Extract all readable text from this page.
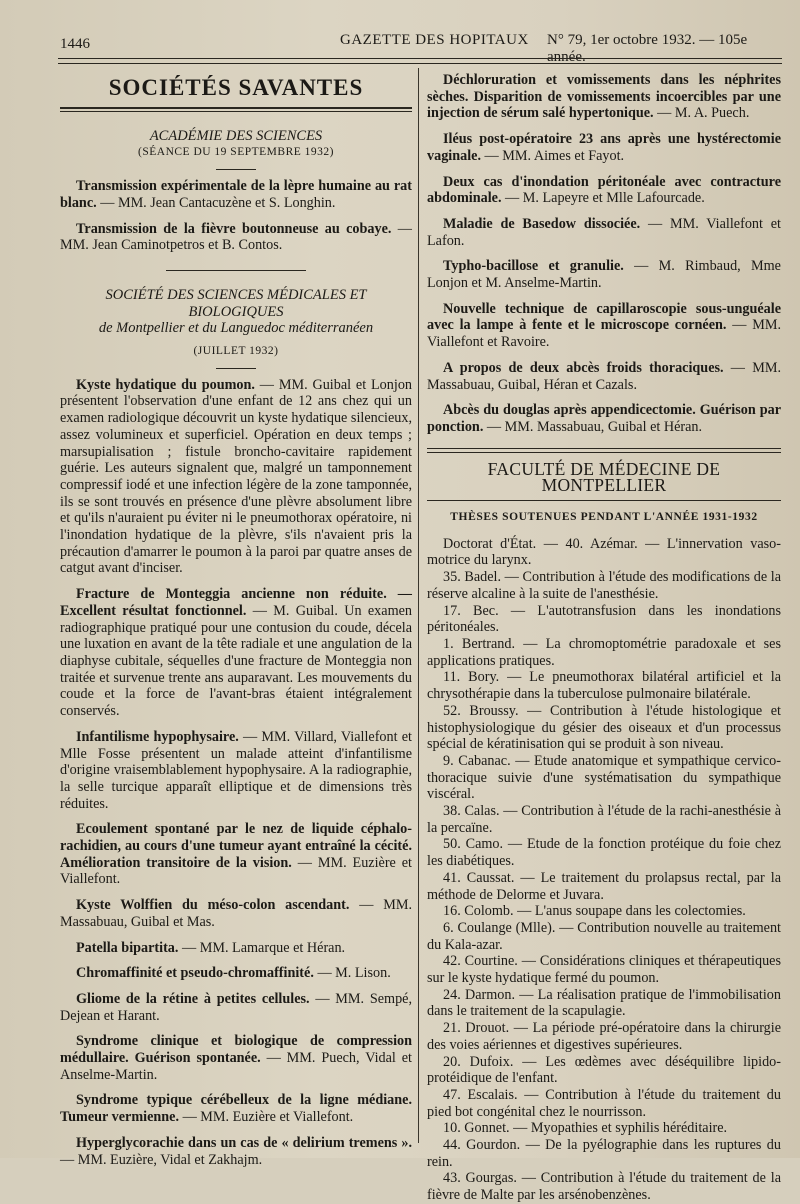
1446	GAZETTE DES HOPITAUX N° 79, 1er octobre 1932. — 105e année.
SOCIÉTÉS SAVANTES
ACADÉMIE DES SCIENCES
(SÉANCE DU 19 SEPTEMBRE 1932)

Transmission expérimentale de la lèpre humaine au rat blanc. — MM. Jean Cantacuzène et S. Longhin.

Transmission de la fièvre boutonneuse au cobaye. — MM. Jean Caminotpetros et B. Contos.

SOCIÉTÉ DES SCIENCES MÉDICALES ET BIOLOGIQUES
de Montpellier et du Languedoc méditerranéen
(JUILLET 1932)

Kyste hydatique du poumon. — MM. Guibal et Lonjon présentent l'observation d'une enfant de 12 ans chez qui un examen radiologique découvrit un kyste hydatique silencieux, assez volumineux et superficiel. Opération en deux temps ; marsupialisation ; fistule broncho-cavitaire rapidement guérie. Les auteurs signalent que, malgré un tamponnement compressif iodé et une infection légère de la zone tamponnée, ils se sont trouvés en présence d'une plèvre absolument libre et qu'ils n'auraient pu éviter ni le pneumothorax opératoire, ni l'inondation hydatique de la plèvre, s'ils n'avaient pris la précaution d'amarrer le poumon à la paroi par quatre anses de catgut avant d'inciser.

Fracture de Monteggia ancienne non réduite. — Excellent résultat fonctionnel. — M. Guibal. Un examen radiographique pratiqué pour une contusion du coude, décela une luxation en avant de la tête radiale et une angulation de la diaphyse cubitale, séquelles d'une fracture de Monteggia non traitée et survenue trente ans auparavant. Les mouvements du coude et la force de l'avant-bras étaient intégralement conservés.

Infantilisme hypophysaire. — MM. Villard, Viallefont et Mlle Fosse présentent un malade atteint d'infantilisme d'origine vraisemblablement hypophysaire. A la radiographie, la selle turcique apparaît elliptique et de dimensions très réduites.

Ecoulement spontané par le nez de liquide céphalo-rachidien, au cours d'une tumeur ayant entraîné la cécité. Amélioration transitoire de la vision. — MM. Euzière et Viallefont.

Kyste Wolffien du méso-colon ascendant. — MM. Massabuau, Guibal et Mas.

Patella bipartita. — MM. Lamarque et Héran.

Chromaffinité et pseudo-chromaffinité. — M. Lison.

Gliome de la rétine à petites cellules. — MM. Sempé, Dejean et Harant.

Syndrome clinique et biologique de compression médullaire. Guérison spontanée. — MM. Puech, Vidal et Anselme-Martin.

Syndrome typique cérébelleux de la ligne médiane. Tumeur vermienne. — MM. Euzière et Viallefont.

Hyperglycorachie dans un cas de « delirium tremens ». — MM. Euzière, Vidal et Zakhajm.

Déchloruration et vomissements dans les néphrites sèches. Disparition de vomissements incoercibles par une injection de sérum salé hypertonique. — M. A. Puech.

Iléus post-opératoire 23 ans après une hystérectomie vaginale. — MM. Aimes et Fayot.

Deux cas d'inondation péritonéale avec contracture abdominale. — M. Lapeyre et Mlle Lafourcade.

Maladie de Basedow dissociée. — MM. Viallefont et Lafon.

Typho-bacillose et granulie. — M. Rimbaud, Mme Lonjon et M. Anselme-Martin.

Nouvelle technique de capillaroscopie sous-unguéale avec la lampe à fente et le microscope cornéen. — MM. Viallefont et Ravoire.

A propos de deux abcès froids thoraciques. — MM. Massabuau, Guibal, Héran et Cazals.

Abcès du douglas après appendicectomie. Guérison par ponction. — MM. Massabuau, Guibal et Héran.

FACULTÉ DE MÉDECINE DE MONTPELLIER
THÈSES SOUTENUES PENDANT L'ANNÉE 1931-1932

Doctorat d'État. — 40. Azémar. — L'innervation vaso-motrice du larynx.

35. Badel. — Contribution à l'étude des modifications de la réserve alcaline à la suite de l'anesthésie.

17. Bec. — L'autotransfusion dans les inondations péritonéales.

1. Bertrand. — La chromoptométrie paradoxale et ses applications pratiques.

11. Bory. — Le pneumothorax bilatéral artificiel et la chrysothérapie dans la tuberculose pulmonaire bilatérale.

52. Broussy. — Contribution à l'étude histologique et histophysiologique du gésier des oiseaux et d'un processus spécial de kératinisation qui se produit à son niveau.

9. Cabanac. — Etude anatomique et sympathique cervico-thoracique suivie d'une systématisation du sympathique viscéral.

38. Calas. — Contribution à l'étude de la rachi-anesthésie à la percaïne.

50. Camo. — Etude de la fonction protéique du foie chez les diabétiques.

41. Caussat. — Le traitement du prolapsus rectal, par la méthode de Delorme et Juvara.

16. Colomb. — L'anus soupape dans les colectomies.

6. Coulange (Mlle). — Contribution nouvelle au traitement du Kala-azar.

42. Courtine. — Considérations cliniques et thérapeutiques sur le kyste hydatique fermé du poumon.

24. Darmon. — La réalisation pratique de l'immobilisation dans le traitement de la scapulagie.

21. Drouot. — La période pré-opératoire dans la chirurgie des voies aériennes et digestives supérieures.

20. Dufoix. — Les œdèmes avec déséquilibre lipido-protéidique de l'enfant.

47. Escalais. — Contribution à l'étude du traitement du pied bot congénital chez le nourrisson.

10. Gonnet. — Myopathies et syphilis héréditaire.

44. Gourdon. — De la pyélographie dans les ruptures du rein.

43. Gourgas. — Contribution à l'étude du traitement de la fièvre de Malte par les arsénobenzènes.
